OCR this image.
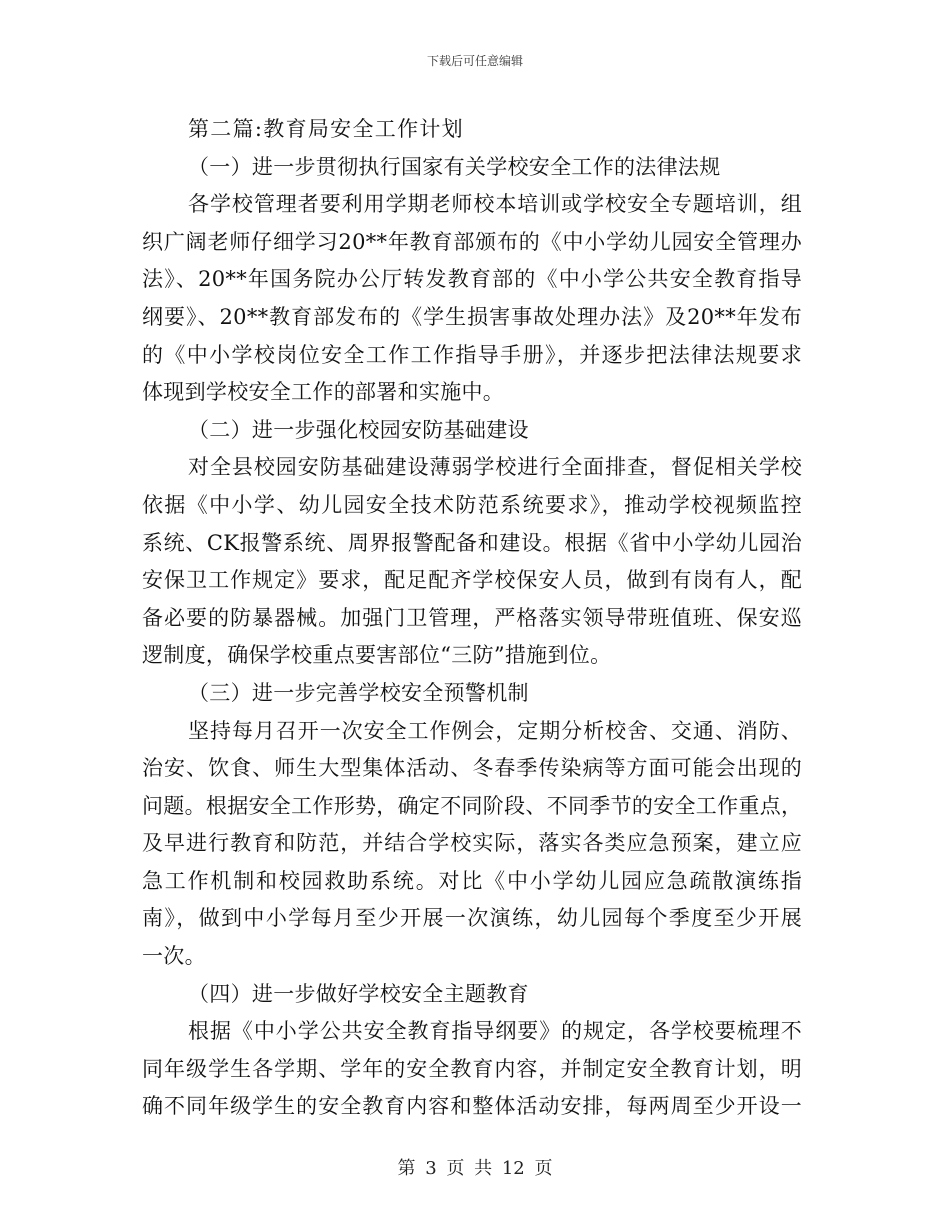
下载后可任意编辑
第二篇:教育局安全工作计划
（一）进一步贯彻执行国家有关学校安全工作的法律法规
各学校管理者要利用学期老师校本培训或学校安全专题培训，组
织广阔老师仔细学习20**年教育部颁布的《中小学幼儿园安全管理办
法》、20**年国务院办公厅转发教育部的《中小学公共安全教育指导
纲要》、20**教育部发布的《学生损害事故处理办法》及20**年发布
的《中小学校岗位安全工作工作指导手册》，并逐步把法律法规要求
体现到学校安全工作的部署和实施中。
（二）进一步强化校园安防基础建设
对全县校园安防基础建设薄弱学校进行全面排查，督促相关学校
依据《中小学、幼儿园安全技术防范系统要求》，推动学校视频监控
系统、CK报警系统、周界报警配备和建设。根据《省中小学幼儿园治
安保卫工作规定》要求，配足配齐学校保安人员，做到有岗有人，配
备必要的防暴器械。加强门卫管理，严格落实领导带班值班、保安巡
逻制度，确保学校重点要害部位“三防”措施到位。
（三）进一步完善学校安全预警机制
坚持每月召开一次安全工作例会，定期分析校舍、交通、消防、
治安、饮食、师生大型集体活动、冬春季传染病等方面可能会出现的
问题。根据安全工作形势，确定不同阶段、不同季节的安全工作重点，
及早进行教育和防范，并结合学校实际，落实各类应急预案，建立应
急工作机制和校园救助系统。对比《中小学幼儿园应急疏散演练指
南》，做到中小学每月至少开展一次演练，幼儿园每个季度至少开展
一次。
（四）进一步做好学校安全主题教育
根据《中小学公共安全教育指导纲要》的规定，各学校要梳理不
同年级学生各学期、学年的安全教育内容，并制定安全教育计划，明
确不同年级学生的安全教育内容和整体活动安排，每两周至少开设一
第 3 页 共 12 页
